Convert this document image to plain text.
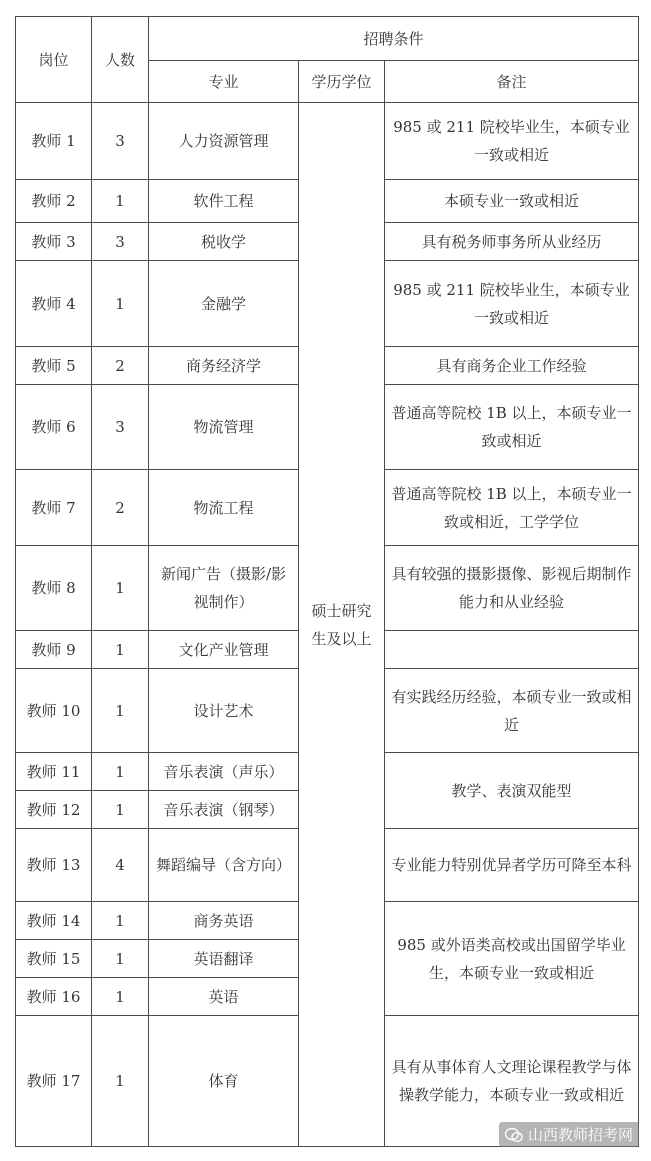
岗位	人数	招聘条件		
		专业	学历学位	备注
教师 1	3	人力资源管理	硕士研究生及以上	985 或 211 院校毕业生，本硕专业一致或相近
教师 2	1	软件工程		本硕专业一致或相近
教师 3	3	税收学		具有税务师事务所从业经历
教师 4	1	金融学		985 或 211 院校毕业生，本硕专业一致或相近
教师 5	2	商务经济学		具有商务企业工作经验
教师 6	3	物流管理		普通高等院校 1B 以上，本硕专业一致或相近
教师 7	2	物流工程		普通高等院校 1B 以上，本硕专业一致或相近，工学学位
教师 8	1	新闻广告（摄影/影视制作）		具有较强的摄影摄像、影视后期制作能力和从业经验
教师 9	1	文化产业管理		
教师 10	1	设计艺术		有实践经历经验，本硕专业一致或相近
教师 11	1	音乐表演（声乐）		教学、表演双能型
教师 12	1	音乐表演（钢琴）		
教师 13	4	舞蹈编导（含方向）		专业能力特别优异者学历可降至本科
教师 14	1	商务英语		985 或外语类高校或出国留学毕业生，本硕专业一致或相近
教师 15	1	英语翻译		
教师 16	1	英语		
教师 17	1	体育		具有从事体育人文理论课程教学与体操教学能力，本硕专业一致或相近
山西教师招考网
